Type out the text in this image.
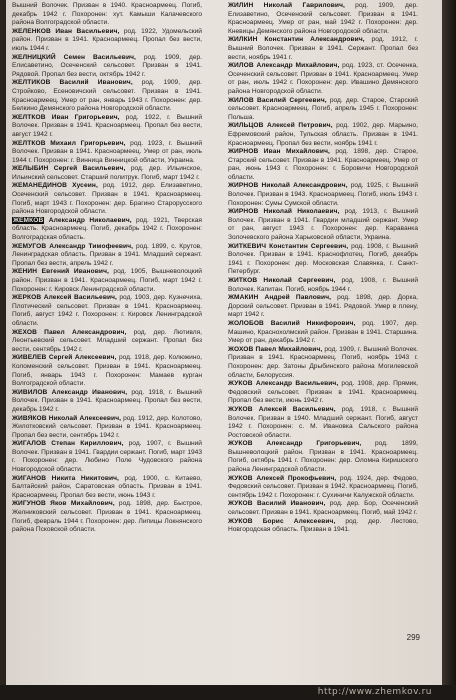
Вышний Волочек. Призван в 1940. Красноармеец. Погиб, декабрь 1942 г. Похоронен: хут. Камыши Калачевского района Волгоградской области.

ЖЕЛЕНКОВ Иван Васильевич, род. 1922, Удомельский район. Призван в 1941. Красноармеец. Пропал без вести, июль 1944 г.

ЖЕЛНИЦКИЙ Семен Васильевич, род. 1909, дер. Елисаветино, Осеченский сельсовет. Призван в 1941. Рядовой. Пропал без вести, октябрь 1942 г.

ЖЕЛТИКОВ Василий Иванович, род. 1909, дер. Стройково, Есеновичский сельсовет. Призван в 1941. Красноармеец. Умер от ран, январь 1943 г. Похоронен: дер. Белкино Демянского района Новгородской области.

ЖЕЛТКОВ Иван Григорьевич, род. 1922, г. Вышний Волочек. Призван в 1941. Красноармеец. Пропал без вести, август 1942 г.

ЖЕЛТКОВ Михаил Григорьевич, род. 1923, г. Вышний Волочек. Призван в 1941. Красноармеец. Умер от ран, июль 1944 г. Похоронен: г. Винница Винницкой области, Украина.

ЖЕЛЫБИН Сергей Васильевич, род. дер. Ильинское, Ильинский сельсовет. Старший политрук. Погиб, март 1942 г.

ЖЕМАНЕДИНОВ Хусеин, род. 1912, дер. Елизаветино, Осеченский сельсовет. Призван в 1941. Красноармеец. Погиб, март 1943 г. Похоронен: дер. Брагино Старорусского района Новгородской области.

ЖЕМКОВ Александр Николаевич, род. 1921, Тверская область. Красноармеец. Погиб, декабрь 1942 г. Похоронен: Волгоградская область.

ЖЕМУГОВ Александр Тимофеевич, род. 1899, с. Крутов, Ленинградская область. Призван в 1941. Младший сержант. Пропал без вести, апрель 1942 г.

ЖЕНИН Евгений Иванович, род. 1905, Вышневолоцкий район. Призван в 1941. Красноармеец. Погиб, март 1942 г. Похоронен: г. Кировск Ленинградской области.

ЖЕРКОВ Алексей Васильевич, род. 1903, дер. Кузнечиха, Плотический сельсовет. Призван в 1941. Красноармеец. Погиб, август 1942 г. Похоронен: г. Кировск Ленинградской области.

ЖЕХОВ Павел Александрович, род. дер. Лютивля, Леонтьевский сельсовет. Младший сержант. Пропал без вести, сентябрь 1942 г.

ЖИВЕЛЕВ Сергей Алексеевич, род. 1918, дер. Колюжино, Коломенский сельсовет. Призван в 1941. Красноармеец. Погиб, январь 1943 г. Похоронен: Мамаев курган Волгоградской области.

ЖИВИЛОВ Александр Иванович, род. 1918, г. Вышний Волочек. Призван в 1941. Красноармеец. Пропал без вести, декабрь 1942 г.

ЖИВЯКОВ Николай Алексеевич, род. 1912, дер. Колотово, Жилотковский сельсовет. Призван в 1941. Красноармеец. Пропал без вести, сентябрь 1942 г.

ЖИГАЛОВ Степан Кириллович, род. 1907, г. Вышний Волочек. Призван в 1941. Гвардии сержант. Погиб, март 1943 г. Похоронен: дер. Любино Поле Чудовского района Новгородской области.

ЖИГАНОВ Никита Никитович, род. 1900, с. Китаево, Балтайский район, Саратовская область. Призван в 1941. Красноармеец. Пропал без вести, июнь 1943 г.

ЖИГУНОВ Яков Михайлович, род. 1898, дер. Быстрое, Желниковский сельсовет. Призван в 1941. Красноармеец. Погиб, февраль 1944 г. Похоронен: дер. Липицы Локнянского района Псковской области.

ЖИЛИН Николай Гаврилович, род. 1909, дер. Елизаветино, Осеченский сельсовет. Призван в 1941. Красноармеец. Умер от ран, май 1942 г. Похоронен: дер. Кневицы Демянского района Новгородской области.

ЖИЛКИН Константин Александрович, род. 1912, г. Вышний Волочек. Призван в 1941. Сержант. Пропал без вести, ноябрь 1941 г.

ЖИЛОВ Александр Михайлович, род. 1923, ст. Осеченка, Осеченский сельсовет. Призван в 1941. Красноармеец. Умер от ран, июль 1942 г. Похоронен: дер. Ивашино Демянского района Новгородской области.

ЖИЛОВ Василий Сергеевич, род. дер. Старое, Старский сельсовет. Красноармеец. Погиб, апрель 1945 г. Похоронен: Польша.

ЖИЛЬЦОВ Алексей Петрович, род. 1902, дер. Марьино, Ефремовский район, Тульская область. Призван в 1941. Красноармеец. Пропал без вести, ноябрь 1941 г.

ЖИРНОВ Иван Михайлович, род. 1898, дер. Старое, Старский сельсовет. Призван в 1941. Красноармеец. Умер от ран, июнь 1943 г. Похоронен: г. Боровичи Новгородской области.

ЖИРНОВ Николай Александрович, род. 1925, г. Вышний Волочек. Призван в 1943. Красноармеец. Погиб, июль 1943 г. Похоронен: Сумы Сумской области.

ЖИРНОВ Николай Николаевич, род. 1913, г. Вышний Волочек. Призван в 1941. Гвардии младший сержант. Умер от ран, август 1943 г. Похоронен: дер. Караванка Золочевского района Харьковской области, Украина.

ЖИТКЕВИЧ Константин Сергеевич, род. 1908, г. Вышний Волочек. Призван в 1941. Краснофлотец. Погиб, декабрь 1941 г. Похоронен: дер. Московская Славянка, г. Санкт-Петербург.

ЖИТКОВ Николай Сергеевич, род. 1908, г. Вышний Волочек. Капитан. Погиб, ноябрь 1944 г.

ЖМАКИН Андрей Павлович, род. 1898, дер. Дорка, Дорский сельсовет. Призван в 1941. Рядовой. Умер в плену, март 1942 г.

ЖОЛОБОВ Василий Никифорович, род. 1907, дер. Машино, Краснохолмский район. Призван в 1941. Старшина. Умер от ран, декабрь 1942 г.

ЖОХОВ Павел Михайлович, род. 1909, г. Вышний Волочек. Призван в 1941. Красноармеец. Погиб, ноябрь 1943 г. Похоронен: дер. Затоны Дрыбинского района Могилевской области, Белоруссия.

ЖУКОВ Александр Васильевич, род. 1908, дер. Прямик, Федовский сельсовет. Призван в 1941. Красноармеец. Пропал без вести, июнь 1942 г.

ЖУКОВ Алексей Васильевич, род. 1918, г. Вышний Волочек. Призван в 1940. Младший сержант. Погиб, август 1942 г. Похоронен: с. М. Ивановка Сальского района Ростовской области.

ЖУКОВ Александр Григорьевич, род. 1899, Вышневолоцкий район. Призван в 1941. Красноармеец. Погиб, октябрь 1941 г. Похоронен: дер. Оломна Киришского района Ленинградской области.

ЖУКОВ Алексей Прокофьевич, род. 1924, дер. Федово, Федовский сельсовет. Призван в 1942. Красноармеец. Погиб, сентябрь 1942 г. Похоронен: г. Сухиничи Калужской области.

ЖУКОВ Василий Иванович, род. дер. Бор, Осеченский сельсовет. Призван в 1941. Красноармеец. Погиб, май 1942 г.

ЖУКОВ Борис Алексеевич, род. дер. Лестово, Новгородская область. Призван в 1941.

299
http://www.zhemkov.ru
